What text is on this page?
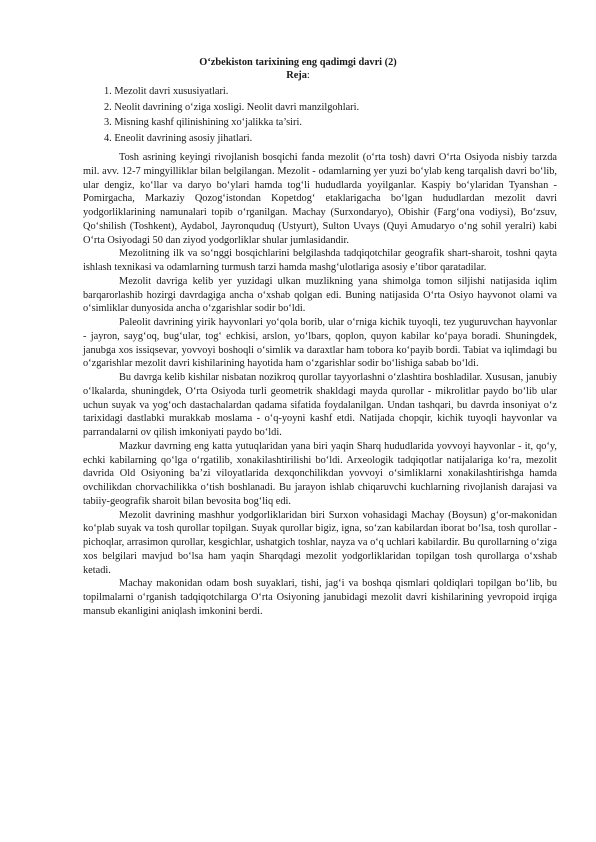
O‘zbekiston tarixining eng qadimgi davri (2)
Reja:
1. Mezolit davri xususiyatlari.
2. Neolit davrining o‘ziga xosligi. Neolit davri manzilgohlari.
3. Misning kashf qilinishining xo‘jalikka ta’siri.
4. Eneolit davrining asosiy jihatlari.

Tosh asrining keyingi rivojlanish bosqichi fanda mezolit (o‘rta tosh) davri O‘rta Osiyoda nisbiy tarzda mil. avv. 12-7 mingyilliklar bilan belgilangan. Mezolit - odamlarning yer yuzi bo‘ylab keng tarqalish davri bo‘lib, ular dengiz, ko‘llar va daryo bo‘ylari hamda tog‘li hududlarda yoyilganlar. Kaspiy bo‘ylaridan Tyanshan - Pomirgacha, Markaziy Qozog‘istondan Kopetdog‘ etaklarigacha bo‘lgan hududlardan mezolit davri yodgorliklarining namunalari topib o‘rganilgan. Machay (Surxondaryo), Obishir (Farg‘ona vodiysi), Bo‘zsuv, Qo‘shilish (Toshkent), Aydabol, Jayronquduq (Ustyurt), Sulton Uvays (Quyi Amudaryo o‘ng sohil yeralri) kabi O‘rta Osiyodagi 50 dan ziyod yodgorliklar shular jumlasidandir.

Mezolitning ilk va so‘nggi bosqichlarini belgilashda tadqiqotchilar geografik shart-sharoit, toshni qayta ishlash texnikasi va odamlarning turmush tarzi hamda mashg‘ulotlariga asosiy e’tibor qaratadilar.

Mezolit davriga kelib yer yuzidagi ulkan muzlikning yana shimolga tomon siljishi natijasida iqlim barqarorlashib hozirgi davrdagiga ancha o‘xshab qolgan edi. Buning natijasida O‘rta Osiyo hayvonot olami va o‘simliklar dunyosida ancha o‘zgarishlar sodir bo‘ldi.

Paleolit davrining yirik hayvonlari yo‘qola borib, ular o‘rniga kichik tuyoqli, tez yuguruvchan hayvonlar - jayron, sayg‘oq, bug‘ular, tog‘ echkisi, arslon, yo‘lbars, qoplon, quyon kabilar ko‘paya boradi. Shuningdek, janubga xos issiqsevar, yovvoyi boshoqli o‘simlik va daraxtlar ham tobora ko‘payib bordi. Tabiat va iqlimdagi bu o‘zgarishlar mezolit davri kishilarining hayotida ham o‘zgarishlar sodir bo‘lishiga sabab bo‘ldi.

Bu davrga kelib kishilar nisbatan nozikroq qurollar tayyorlashni o‘zlashtira boshladilar. Xususan, janubiy o‘lkalarda, shuningdek, O‘rta Osiyoda turli geometrik shakldagi mayda qurollar - mikrolitlar paydo bo‘lib ular uchun suyak va yog‘och dastachalardan qadama sifatida foydalanilgan. Undan tashqari, bu davrda insoniyat o‘z tarixidagi dastlabki murakkab moslama - o‘q-yoyni kashf etdi. Natijada chopqir, kichik tuyoqli hayvonlar va parrandalarni ov qilish imkoniyati paydo bo‘ldi.

Mazkur davrning eng katta yutuqlaridan yana biri yaqin Sharq hududlarida yovvoyi hayvonlar - it, qo‘y, echki kabilarning qo‘lga o‘rgatilib, xonakilashtirilishi bo‘ldi. Arxeologik tadqiqotlar natijalariga ko‘ra, mezolit davrida Old Osiyoning ba’zi viloyatlarida dexqonchilikdan yovvoyi o‘simliklarni xonakilashtirishga hamda ovchilikdan chorvachilikka o‘tish boshlanadi. Bu jarayon ishlab chiqaruvchi kuchlarning rivojlanish darajasi va tabiiy-geografik sharoit bilan bevosita bog‘liq edi.

Mezolit davrining mashhur yodgorliklaridan biri Surxon vohasidagi Machay (Boysun) g‘or-makonidan ko‘plab suyak va tosh qurollar topilgan. Suyak qurollar bigiz, igna, so‘zan kabilardan iborat bo‘lsa, tosh qurollar - pichoqlar, arrasimon qurollar, kesgichlar, ushatgich toshlar, nayza va o‘q uchlari kabilardir. Bu qurollarning o‘ziga xos belgilari mavjud bo‘lsa ham yaqin Sharqdagi mezolit yodgorliklaridan topilgan tosh qurollarga o‘xshab ketadi.

Machay makonidan odam bosh suyaklari, tishi, jag‘i va boshqa qismlari qoldiqlari topilgan bo‘lib, bu topilmalarni o‘rganish tadqiqotchilarga O‘rta Osiyoning janubidagi mezolit davri kishilarining yevropoid irqiga mansub ekanligini aniqlash imkonini berdi.
